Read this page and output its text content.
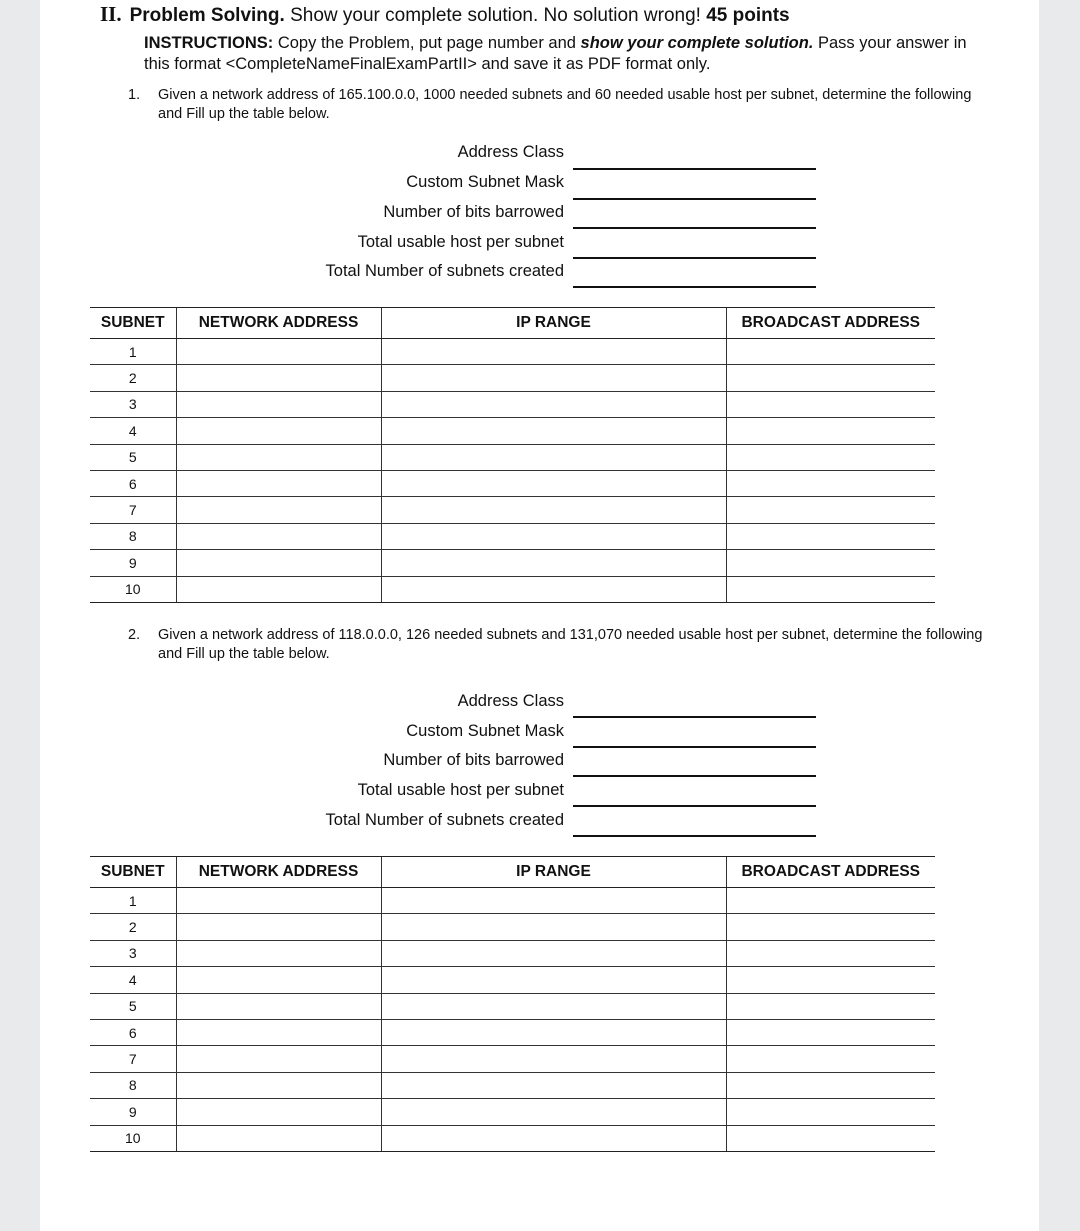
II. Problem Solving. Show your complete solution. No solution wrong! 45 points
INSTRUCTIONS: Copy the Problem, put page number and show your complete solution. Pass your answer in this format <CompleteNameFinalExamPartII> and save it as PDF format only.
1. Given a network address of 165.100.0.0, 1000 needed subnets and 60 needed usable host per subnet, determine the following and Fill up the table below.
Address Class
Custom Subnet Mask
Number of bits barrowed
Total usable host per subnet
Total Number of subnets created
SUBNET	NETWORK ADDRESS	IP RANGE	BROADCAST ADDRESS
1			
2			
3			
4			
5			
6			
7			
8			
9			
10			
2. Given a network address of 118.0.0.0, 126 needed subnets and 131,070 needed usable host per subnet, determine the following and Fill up the table below.
Address Class
Custom Subnet Mask
Number of bits barrowed
Total usable host per subnet
Total Number of subnets created
SUBNET	NETWORK ADDRESS	IP RANGE	BROADCAST ADDRESS
1			
2			
3			
4			
5			
6			
7			
8			
9			
10			
